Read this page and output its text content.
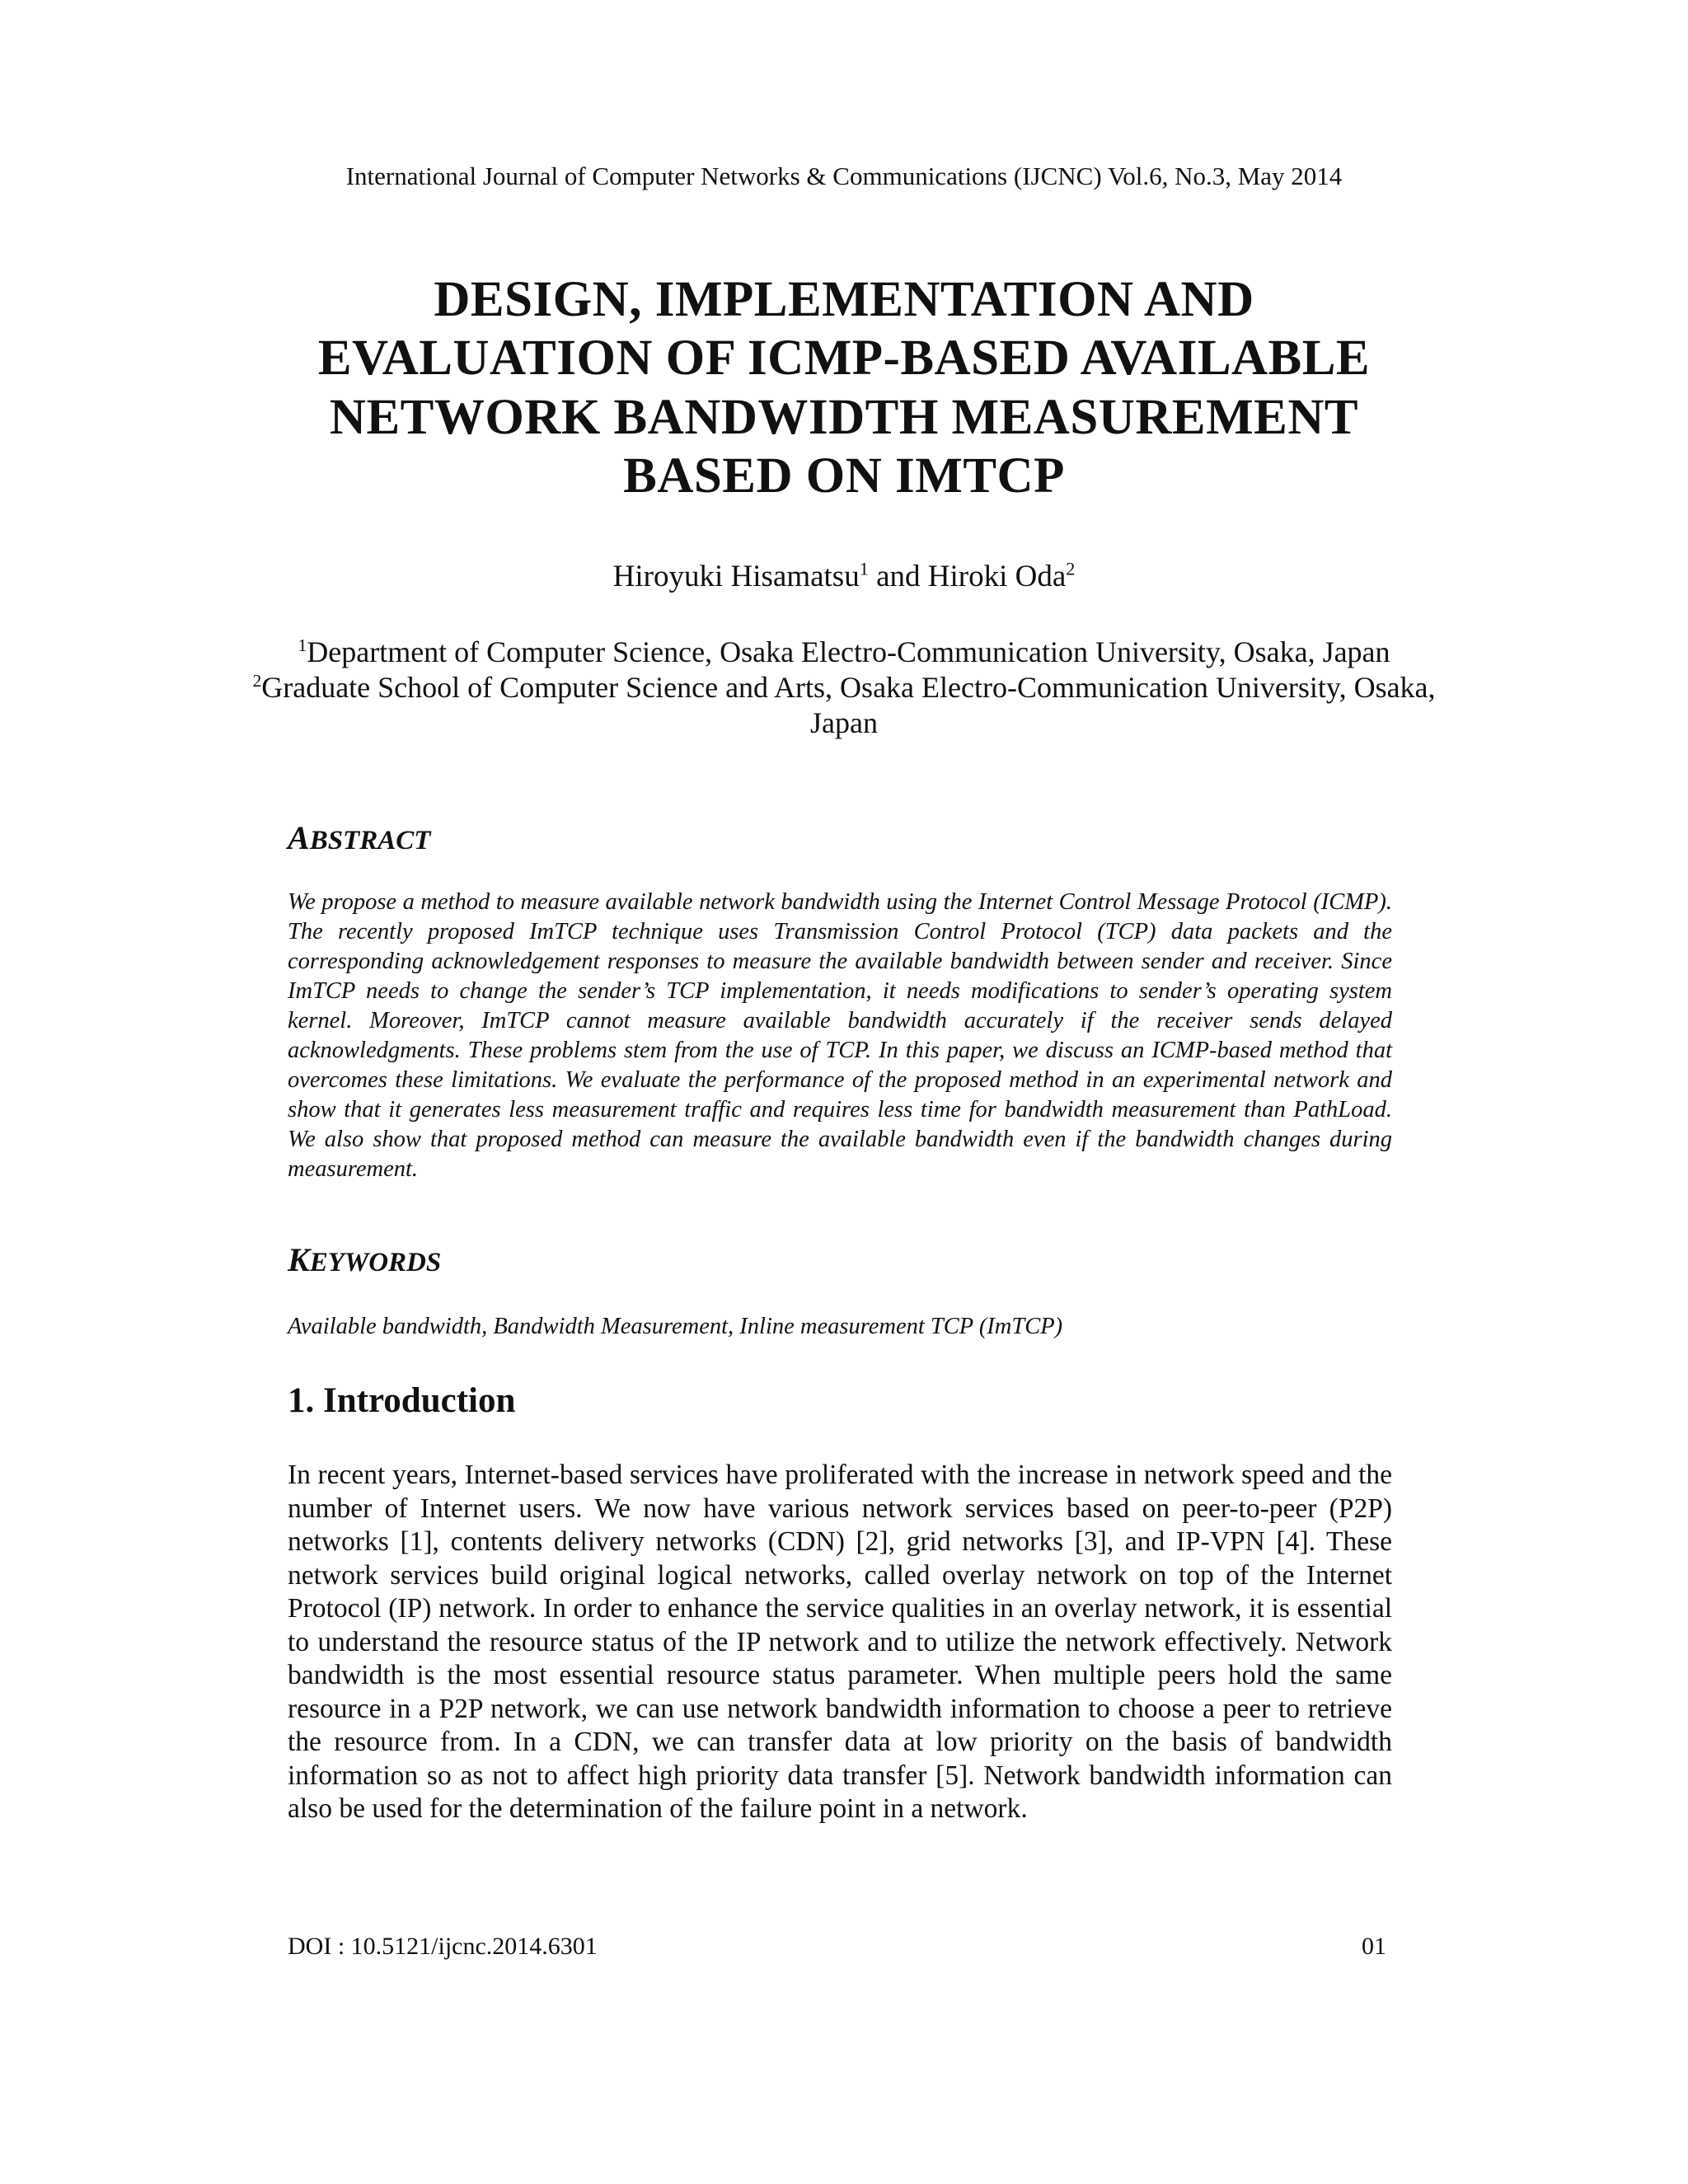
International Journal of Computer Networks & Communications (IJCNC) Vol.6, No.3, May 2014
DESIGN, IMPLEMENTATION AND
EVALUATION OF ICMP-BASED AVAILABLE
NETWORK BANDWIDTH MEASUREMENT
BASED ON IMTCP
Hiroyuki Hisamatsu$^1$ and Hiroki Oda$^2$
$^1$Department of Computer Science, Osaka Electro-Communication University, Osaka, Japan
$^2$Graduate School of Computer Science and Arts, Osaka Electro-Communication University, Osaka, Japan
ABSTRACT
We propose a method to measure available network bandwidth using the Internet Control Message Protocol (ICMP). The recently proposed ImTCP technique uses Transmission Control Protocol (TCP) data packets and the corresponding acknowledgement responses to measure the available bandwidth between sender and receiver. Since ImTCP needs to change the sender’s TCP implementation, it needs modifications to sender’s operating system kernel. Moreover, ImTCP cannot measure available bandwidth accurately if the receiver sends delayed acknowledgments. These problems stem from the use of TCP. In this paper, we discuss an ICMP-based method that overcomes these limitations. We evaluate the performance of the proposed method in an experimental network and show that it generates less measurement traffic and requires less time for bandwidth measurement than PathLoad. We also show that proposed method can measure the available bandwidth even if the bandwidth changes during measurement.
KEYWORDS
Available bandwidth, Bandwidth Measurement, Inline measurement TCP (ImTCP)
1. Introduction
In recent years, Internet-based services have proliferated with the increase in network speed and the number of Internet users. We now have various network services based on peer-to-peer (P2P) networks [1], contents delivery networks (CDN) [2], grid networks [3], and IP-VPN [4]. These network services build original logical networks, called overlay network on top of the Internet Protocol (IP) network. In order to enhance the service qualities in an overlay network, it is essential to understand the resource status of the IP network and to utilize the network effectively. Network bandwidth is the most essential resource status parameter. When multiple peers hold the same resource in a P2P network, we can use network bandwidth information to choose a peer to retrieve the resource from. In a CDN, we can transfer data at low priority on the basis of bandwidth information so as not to affect high priority data transfer [5]. Network bandwidth information can also be used for the determination of the failure point in a network.
DOI : 10.5121/ijcnc.2014.6301	01
